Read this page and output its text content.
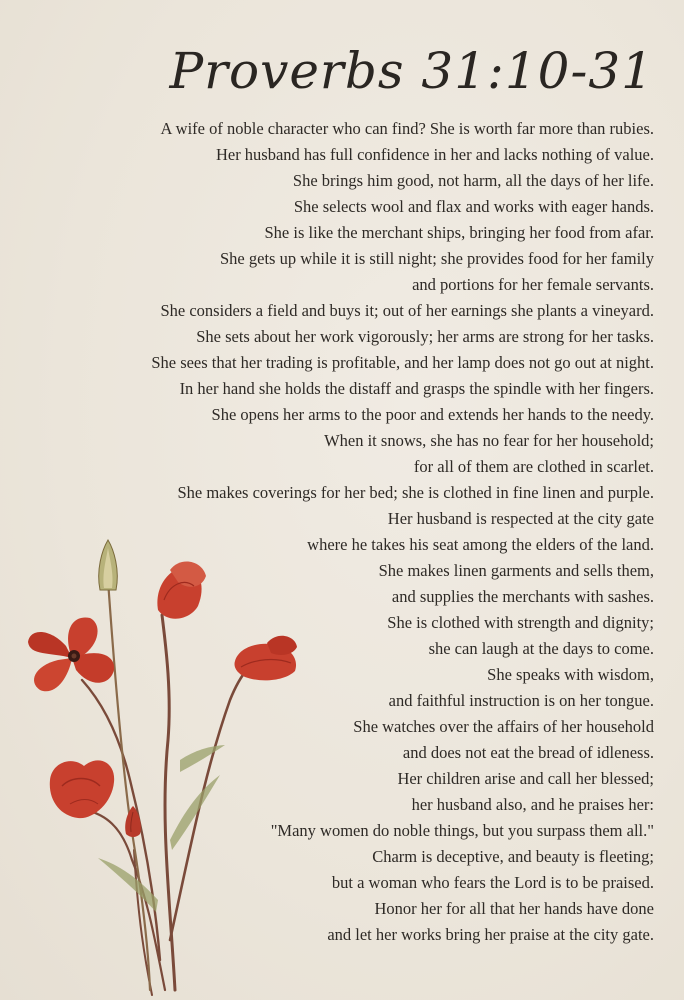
Proverbs 31:10-31
A wife of noble character who can find? She is worth far more than rubies.
Her husband has full confidence in her and lacks nothing of value.
She brings him good, not harm, all the days of her life.
She selects wool and flax and works with eager hands.
She is like the merchant ships, bringing her food from afar.
She gets up while it is still night; she provides food for her family
and portions for her female servants.
She considers a field and buys it; out of her earnings she plants a vineyard.
She sets about her work vigorously; her arms are strong for her tasks.
She sees that her trading is profitable, and her lamp does not go out at night.
In her hand she holds the distaff and grasps the spindle with her fingers.
She opens her arms to the poor and extends her hands to the needy.
When it snows, she has no fear for her household;
for all of them are clothed in scarlet.
She makes coverings for her bed; she is clothed in fine linen and purple.
Her husband is respected at the city gate
where he takes his seat among the elders of the land.
She makes linen garments and sells them,
and supplies the merchants with sashes.
She is clothed with strength and dignity;
she can laugh at the days to come.
She speaks with wisdom,
and faithful instruction is on her tongue.
She watches over the affairs of her household
and does not eat the bread of idleness.
Her children arise and call her blessed;
her husband also, and he praises her:
"Many women do noble things, but you surpass them all."
Charm is deceptive, and beauty is fleeting;
but a woman who fears the Lord is to be praised.
Honor her for all that her hands have done
and let her works bring her praise at the city gate.
